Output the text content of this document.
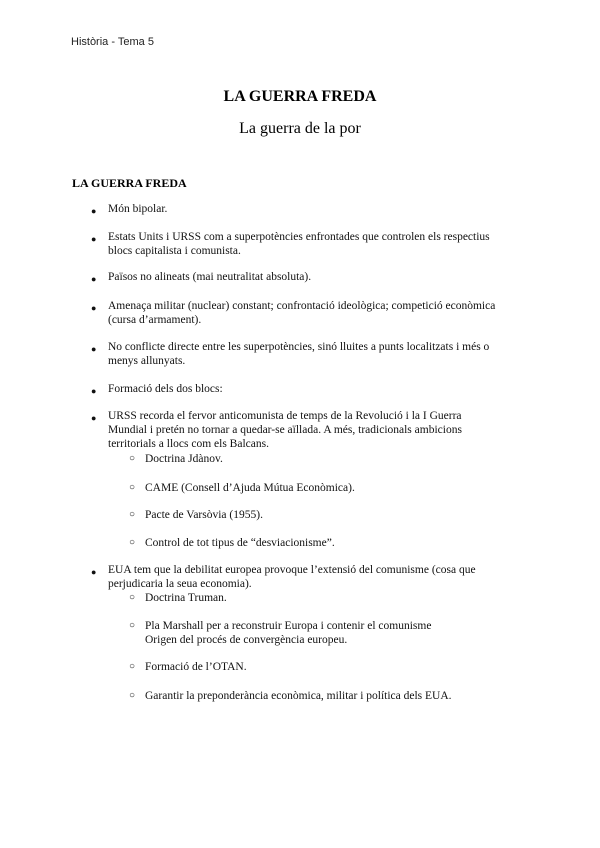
Història - Tema 5
LA GUERRA FREDA
La guerra de la por
LA GUERRA FREDA
● Món bipolar.
● Estats Units i URSS com a superpotències enfrontades que controlen els respectius
blocs capitalista i comunista.
● Països no alineats (mai neutralitat absoluta).
● Amenaça militar (nuclear) constant; confrontació ideològica; competició econòmica
(cursa d’armament).
● No conflicte directe entre les superpotències, sinó lluites a punts localitzats i més o
menys allunyats.
● Formació dels dos blocs:
● URSS recorda el fervor anticomunista de temps de la Revolució i la I Guerra
Mundial i pretén no tornar a quedar-se aïllada. A més, tradicionals ambicions
territorials a llocs com els Balcans.
○ Doctrina Jdànov.
○ CAME (Consell d’Ajuda Mútua Econòmica).
○ Pacte de Varsòvia (1955).
○ Control de tot tipus de “desviacionisme”.
● EUA tem que la debilitat europea provoque l’extensió del comunisme (cosa que
perjudicaria la seua economia).
○ Doctrina Truman.
○ Pla Marshall per a reconstruir Europa i contenir el comunisme
Origen del procés de convergència europeu.
○ Formació de l’OTAN.
○ Garantir la preponderància econòmica, militar i política dels EUA.
